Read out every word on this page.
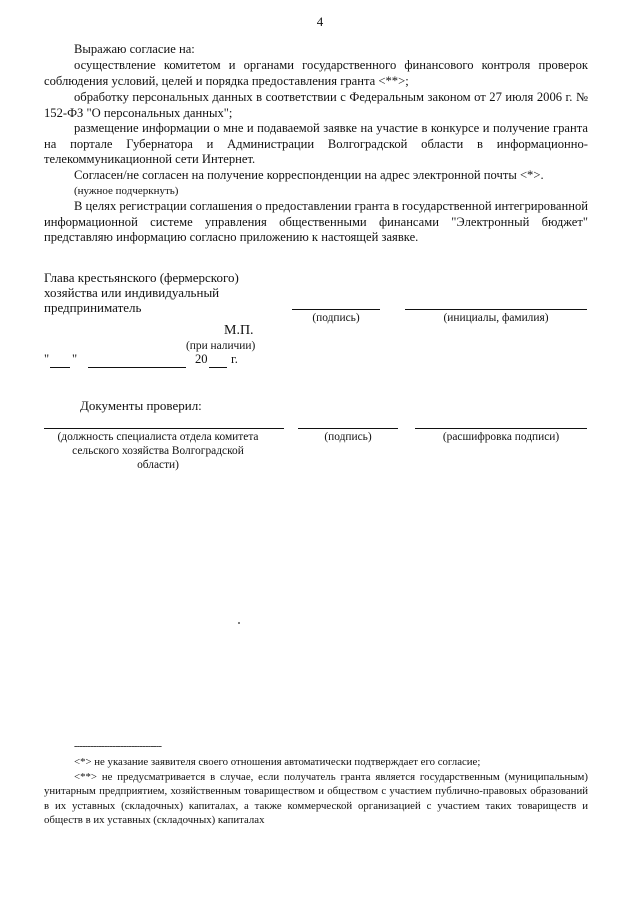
4
Выражаю согласие на:
осуществление комитетом и органами государственного финансового контроля проверок соблюдения условий, целей и порядка предоставления гранта <**>;
обработку персональных данных в соответствии с Федеральным законом от 27 июля 2006 г. № 152-ФЗ "О персональных данных";
размещение информации о мне и подаваемой заявке на участие в конкурсе и получение гранта на портале Губернатора и Администрации Волгоградской области в информационно-телекоммуникационной сети Интернет.
Согласен/не согласен на получение корреспонденции на адрес электронной почты <*>.
(нужное подчеркнуть)
В целях регистрации соглашения о предоставлении гранта в государственной интегрированной информационной системе управления общественными финансами "Электронный бюджет" представляю информацию согласно приложению к настоящей заявке.
Глава крестьянского (фермерского)
хозяйства или индивидуальный
предприниматель
(подпись)	(инициалы, фамилия)
М.П.
(при наличии)
" "	20 г.
Документы проверил:
(должность специалиста отдела комитета сельского хозяйства Волгоградской области)
(подпись)	(расшифровка подписи)
--------------------------------
<*> не указание заявителя своего отношения автоматически подтверждает его согласие;
<**> не предусматривается в случае, если получатель гранта является государственным (муниципальным) унитарным предприятием, хозяйственным товариществом и обществом с участием публично-правовых образований в их уставных (складочных) капиталах, а также коммерческой организацией с участием таких товариществ и обществ в их уставных (складочных) капиталах
